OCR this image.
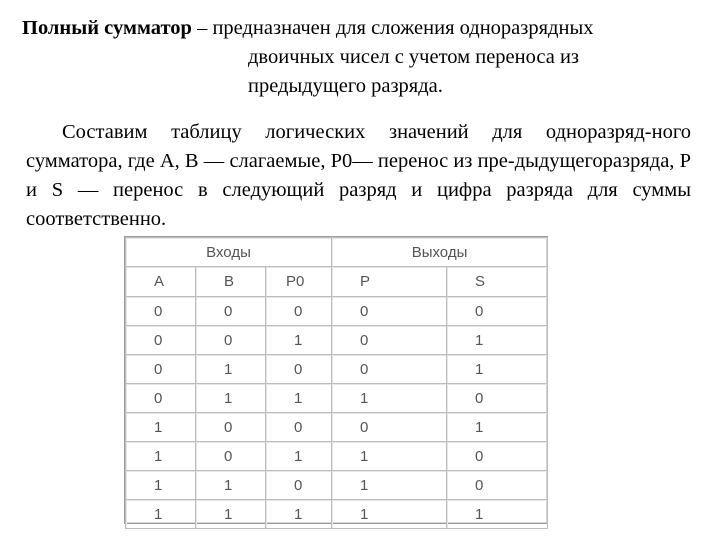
Полный сумматор – предназначен для сложения одноразрядных
двоичных чисел с учетом переноса из
предыдущего разряда.
Составим таблицу логических значений для одноразряд-ного сумматора, где А, В — слагаемые, Р0— перенос из пре-дыдущегоразряда, Р и S — перенос в следующий разряд и цифра разряда для суммы соответственно.
Входы			Выходы	
A	B	P0	P	S
0	0	0	0	0
0	0	1	0	1
0	1	0	0	1
0	1	1	1	0
1	0	0	0	1
1	0	1	1	0
1	1	0	1	0
1	1	1	1	1
